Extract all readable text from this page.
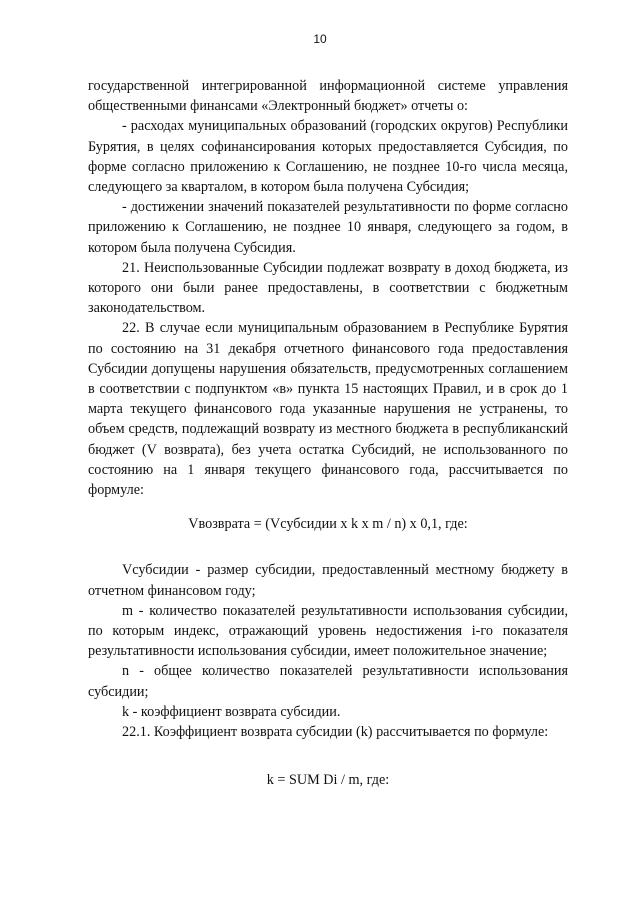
10

государственной интегрированной информационной системе управления общественными финансами «Электронный бюджет» отчеты о:

- расходах муниципальных образований (городских округов) Республики Бурятия, в целях софинансирования которых предоставляется Субсидия, по форме согласно приложению к Соглашению, не позднее 10-го числа месяца, следующего за кварталом, в котором была получена Субсидия;

- достижении значений показателей результативности по форме согласно приложению к Соглашению, не позднее 10 января, следующего за годом, в котором была получена Субсидия.

21. Неиспользованные Субсидии подлежат возврату в доход бюджета, из которого они были ранее предоставлены, в соответствии с бюджетным законодательством.

22. В случае если муниципальным образованием в Республике Бурятия по состоянию на 31 декабря отчетного финансового года предоставления Субсидии допущены нарушения обязательств, предусмотренных соглашением в соответствии с подпунктом «в» пункта 15 настоящих Правил, и в срок до 1 марта текущего финансового года указанные нарушения не устранены, то объем средств, подлежащий возврату из местного бюджета в республиканский бюджет (V возврата), без учета остатка Субсидий, не использованного по состоянию на 1 января текущего финансового года, рассчитывается по формуле:

Vвозврата = (Vсубсидии x k x m / n) x 0,1, где:

Vсубсидии - размер субсидии, предоставленный местному бюджету в отчетном финансовом году;

m - количество показателей результативности использования субсидии, по которым индекс, отражающий уровень недостижения i-го показателя результативности использования субсидии, имеет положительное значение;

n - общее количество показателей результативности использования субсидии;

k - коэффициент возврата субсидии.

22.1. Коэффициент возврата субсидии (k) рассчитывается по формуле:

k = SUM Di / m, где:
